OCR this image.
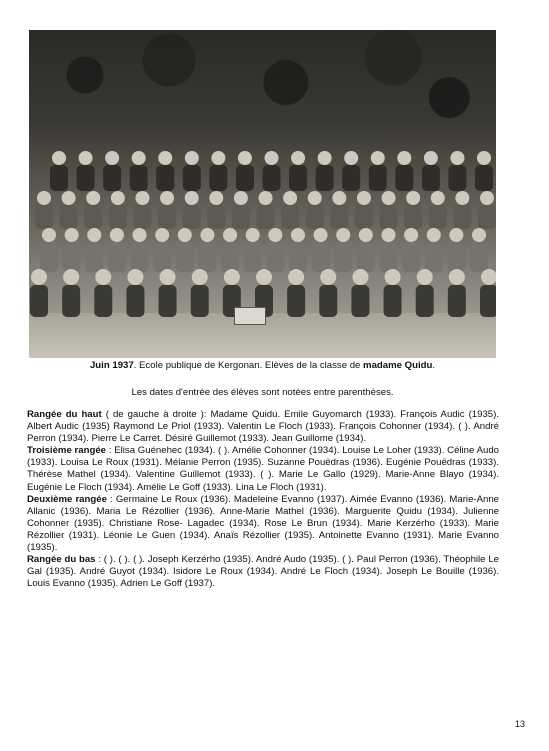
Juin 1937. Ecole publique de Kergonan. Elèves de la classe de madame Quidu.
Les dates d'entrée des élèves sont notées entre parenthèses.

Rangée du haut ( de gauche à droite ): Madame Quidu. Emile Guyomarch (1933). François Audic (1935). Albert Audic (1935) Raymond Le Priol (1933). Valentin Le Floch (1933). François Cohonner (1934). ( ). André Perron (1934). Pierre Le Carret. Désiré Guillemot (1933). Jean Guillome (1934).

Troisième rangée : Elisa Guénehec (1934). ( ). Amélie Cohonner (1934). Louise Le Loher (1933). Céline Audo (1933). Louisa Le Roux (1931). Mélanie Perron (1935). Suzanne Pouëdras (1936). Eugénie Pouëdras (1933). Thérèse Mathel (1934). Valentine Guillemot (1933). ( ). Marie Le Gallo (1929). Marie-Anne Blayo (1934). Eugénie Le Floch (1934). Amélie Le Goff (1933). Lina Le Floch (1931).

Deuxième rangée : Germaine Le Roux (1936). Madeleine Evanno (1937). Aimée Evanno (1936). Marie-Anne Allanic (1936). Maria Le Rézollier (1936). Anne-Marie Mathel (1936). Marguerite Quidu (1934). Julienne Cohonner (1935). Christiane Rose- Lagadec (1934). Rose Le Brun (1934). Marie Kerzérho (1933). Marie Rézollier (1931). Léonie Le Guen (1934). Anaïs Rézollier (1935). Antoinette Evanno (1931). Marie Evanno (1935).

Rangée du bas : ( ). ( ). ( ). Joseph Kerzérho (1935). André Audo (1935). ( ). Paul Perron (1936). Théophile Le Gal (1935). André Guyot (1934). Isidore Le Roux (1934). André Le Floch (1934). Joseph Le Bouille (1936). Louis Evanno (1935). Adrien Le Goff (1937).

13
